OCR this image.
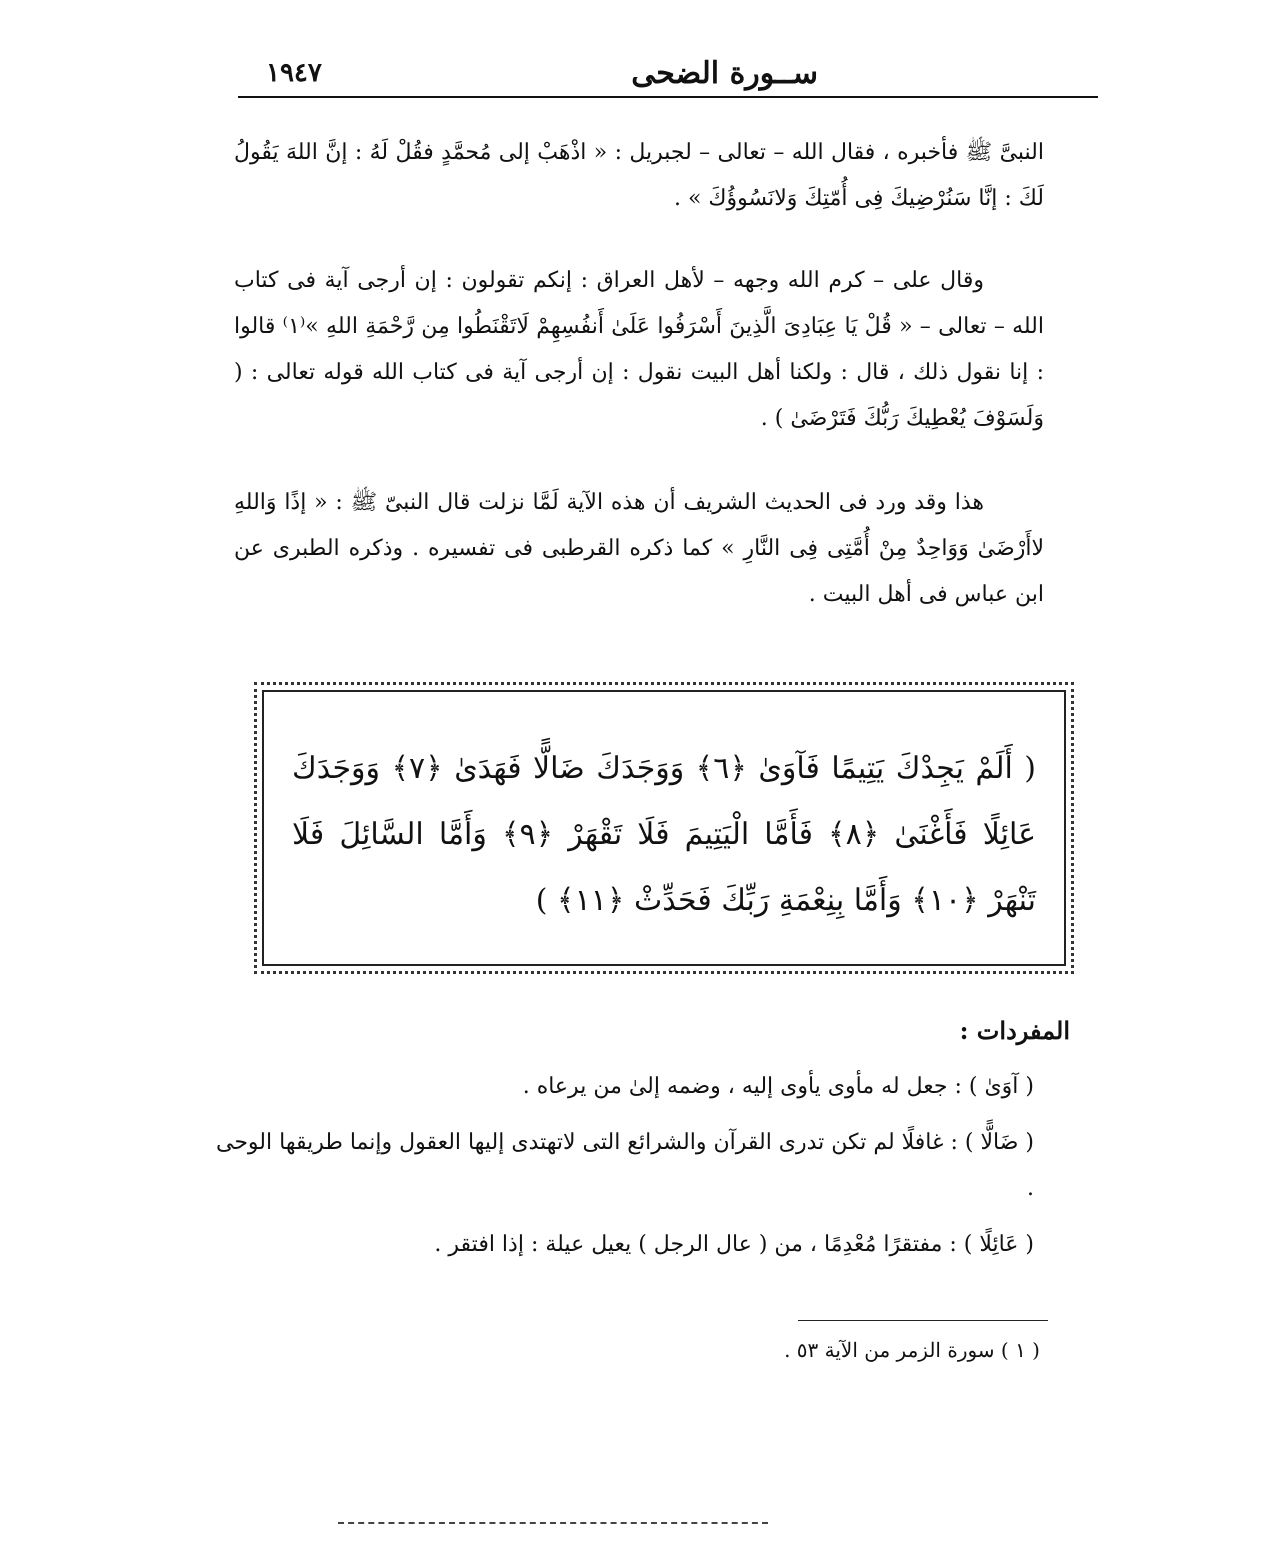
ســورة الضحى
١٩٤٧

النبىَّ ﷺ فأخبره ، فقال الله – تعالى – لجبريل : « اذْهَبْ إلى مُحمَّدٍ فقُلْ لَهُ : إنَّ اللهَ يَقُولُ لَكَ : إنَّا سَنُرْضِيكَ فِى أُمّتِكَ وَلانَسُوؤُكَ » .

وقال على – كرم الله وجهه – لأهل العراق : إنكم تقولون : إن أرجى آية فى كتاب الله – تعالى – « قُلْ يَا عِبَادِىَ الَّذِينَ أَسْرَفُوا عَلَىٰ أَنفُسِهِمْ لَاتَقْنَطُوا مِن رَّحْمَةِ اللهِ »⁽١⁾ قالوا : إنا نقول ذلك ، قال : ولكنا أهل البيت نقول : إن أرجى آية فى كتاب الله قوله تعالى : ( وَلَسَوْفَ يُعْطِيكَ رَبُّكَ فَتَرْضَىٰ ) .

هذا وقد ورد فى الحديث الشريف أن هذه الآية لَمَّا نزلت قال النبىّ ﷺ : « إذًا وَاللهِ لاأَرْضَىٰ وَوَاحِدٌ مِنْ أُمَّتِى فِى النَّارِ » كما ذكره القرطبى فى تفسيره . وذكره الطبرى عن ابن عباس فى أهل البيت .

( أَلَمْ يَجِدْكَ يَتِيمًا فَآوَىٰ ﴿٦﴾ وَوَجَدَكَ ضَالًّا فَهَدَىٰ ﴿٧﴾ وَوَجَدَكَ عَائِلًا فَأَغْنَىٰ ﴿٨﴾ فَأَمَّا الْيَتِيمَ فَلَا تَقْهَرْ ﴿٩﴾ وَأَمَّا السَّائِلَ فَلَا تَنْهَرْ ﴿١٠﴾ وَأَمَّا بِنِعْمَةِ رَبِّكَ فَحَدِّثْ ﴿١١﴾ )
المفردات :

( آوَىٰ ) : جعل له مأوى يأوى إليه ، وضمه إلىٰ من يرعاه .

( ضَالًّا ) : غافلًا لم تكن تدرى القرآن والشرائع التى لاتهتدى إليها العقول وإنما طريقها الوحى .

( عَائِلًا ) : مفتقرًا مُعْدِمًا ، من ( عال الرجل ) يعيل عيلة : إذا افتقر .

( ١ ) سورة الزمر من الآية ٥٣ .
